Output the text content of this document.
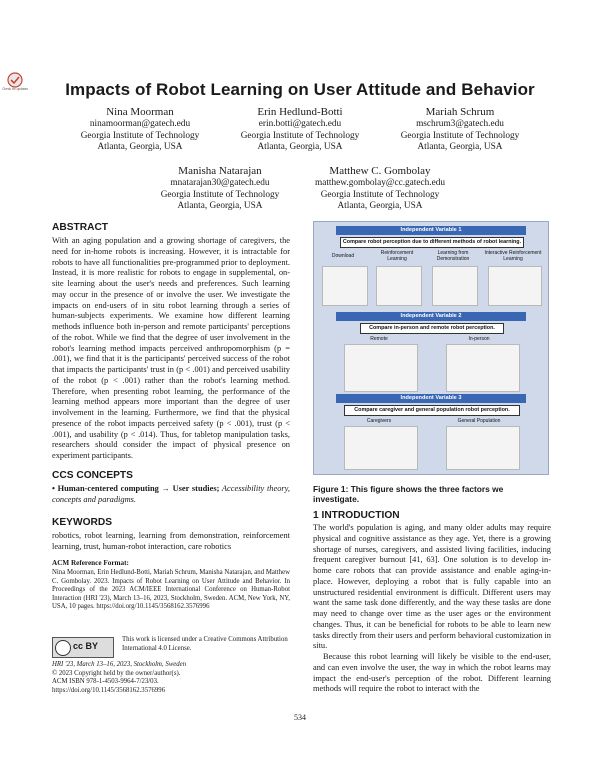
Check for updates	Impacts of Robot Learning on User Attitude and Behavior
Nina Moorman
ninamoorman@gatech.edu
Georgia Institute of Technology
Atlanta, Georgia, USA
Erin Hedlund-Botti
erin.botti@gatech.edu
Georgia Institute of Technology
Atlanta, Georgia, USA
Mariah Schrum
mschrum3@gatech.edu
Georgia Institute of Technology
Atlanta, Georgia, USA
Manisha Natarajan
mnatarajan30@gatech.edu
Georgia Institute of Technology
Atlanta, Georgia, USA
Matthew C. Gombolay
matthew.gombolay@cc.gatech.edu
Georgia Institute of Technology
Atlanta, Georgia, USA
ABSTRACT

With an aging population and a growing shortage of caregivers, the need for in-home robots is increasing. However, it is intractable for robots to have all functionalities pre-programmed prior to deployment. Instead, it is more realistic for robots to engage in supplemental, on-site learning about the user's needs and preferences. Such learning may occur in the presence of or involve the user. We investigate the impacts on end-users of in situ robot learning through a series of human-subjects experiments. We examine how different learning methods influence both in-person and remote participants' perceptions of the robot. While we find that the degree of user involvement in the robot's learning method impacts perceived anthropomorphism (p = .001), we find that it is the participants' perceived success of the robot that impacts the participants' trust in (p < .001) and perceived usability of the robot (p < .001) rather than the robot's learning method. Therefore, when presenting robot learning, the performance of the learning method appears more important than the degree of user involvement in the learning. Furthermore, we find that the physical presence of the robot impacts perceived safety (p < .001), trust (p < .001), and usability (p < .014). Thus, for tabletop manipulation tasks, researchers should consider the impact of physical presence on experiment participants.

CCS CONCEPTS
• Human-centered computing → User studies; Accessibility theory, concepts and paradigms.
KEYWORDS
robotics, robot learning, learning from demonstration, reinforcement learning, trust, human-robot interaction, care robotics
ACM Reference Format:
Nina Moorman, Erin Hedlund-Botti, Mariah Schrum, Manisha Natarajan, and Matthew C. Gombolay. 2023. Impacts of Robot Learning on User Attitude and Behavior. In Proceedings of the 2023 ACM/IEEE International Conference on Human-Robot Interaction (HRI '23), March 13–16, 2023, Stockholm, Sweden. ACM, New York, NY, USA, 10 pages. https://doi.org/10.1145/3568162.3576996
cc BY
This work is licensed under a Creative Commons Attribution International 4.0 License.
HRI '23, March 13–16, 2023, Stockholm, Sweden
© 2023 Copyright held by the owner/author(s).
ACM ISBN 978-1-4503-9964-7/23/03.
https://doi.org/10.1145/3568162.3576996
Independent Variable 1
Compare robot perception due to different methods of robot learning.
Download	Reinforcement Learning
Learning from Demonstration
Interactive Reinforcement Learning
Independent Variable 2
Compare in-person and remote robot perception.
Remote	In-person
Independent Variable 3
Compare caregiver and general population robot perception.
Caregivers	General Population
Figure 1: This figure shows the three factors we investigate.
1 INTRODUCTION

The world's population is aging, and many older adults may require physical and cognitive assistance as they age. Yet, there is a growing shortage of nurses, caregivers, and assisted living facilities, inducing frequent caregiver burnout [41, 63]. One solution is to develop in-home care robots that can provide assistance and enable aging-in-place. However, deploying a robot that is fully capable into an unstructured residential environment is difficult. Different users may want the same task done differently, and the way these tasks are done may need to change over time as the user ages or the environment changes. Thus, it can be beneficial for robots to be able to learn new tasks directly from their users and perform behavioral customization in situ.

Because this robot learning will likely be visible to the end-user, and can even involve the user, the way in which the robot learns may impact the end-user's perception of the robot. Different learning methods will require the robot to interact with the

534
